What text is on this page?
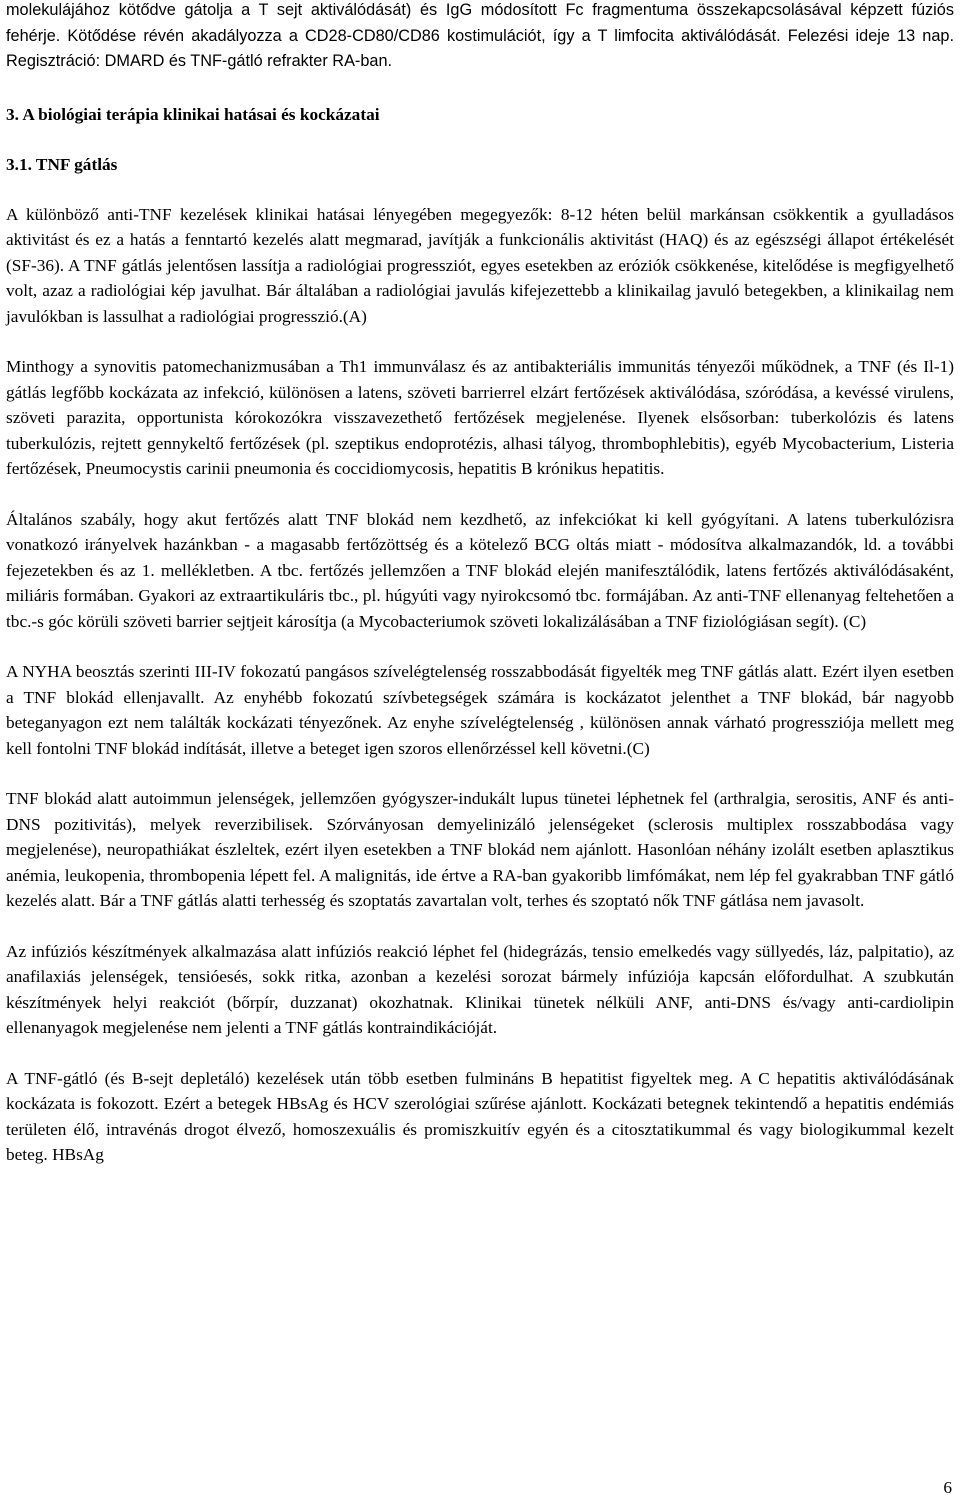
molekulájához kötődve gátolja a T sejt aktiválódását) és IgG módosított Fc fragmentuma összekapcsolásával képzett fúziós fehérje. Kötődése révén akadályozza a CD28-CD80/CD86 kostimulációt, így a T limfocita aktiválódását. Felezési ideje 13 nap. Regisztráció: DMARD és TNF-gátló refrakter RA-ban.

3. A biológiai terápia klinikai hatásai és kockázatai

3.1. TNF gátlás

A különböző anti-TNF kezelések klinikai hatásai lényegében megegyezők: 8-12 héten belül markánsan csökkentik a gyulladásos aktivitást és ez a hatás a fenntartó kezelés alatt megmarad, javítják a funkcionális aktivitást (HAQ) és az egészségi állapot értékelését (SF-36). A TNF gátlás jelentősen lassítja a radiológiai progressziót, egyes esetekben az eróziók csökkenése, kitelődése is megfigyelhető volt, azaz a radiológiai kép javulhat. Bár általában a radiológiai javulás kifejezettebb a klinikailag javuló betegekben, a klinikailag nem javulókban is lassulhat a radiológiai progresszió.(A)

Minthogy a synovitis patomechanizmusában a Th1 immunválasz és az antibakteriális immunitás tényezői működnek, a TNF (és Il-1) gátlás legfőbb kockázata az infekció, különösen a latens, szöveti barrierrel elzárt fertőzések aktiválódása, szóródása, a kevéssé virulens, szöveti parazita, opportunista kórokozókra visszavezethető fertőzések megjelenése. Ilyenek elsősorban: tuberkolózis és latens tuberkulózis, rejtett gennykeltő fertőzések (pl. szeptikus endoprotézis, alhasi tályog, thrombophlebitis), egyéb Mycobacterium, Listeria fertőzések, Pneumocystis carinii pneumonia és coccidiomycosis, hepatitis B krónikus hepatitis.

Általános szabály, hogy akut fertőzés alatt TNF blokád nem kezdhető, az infekciókat ki kell gyógyítani. A latens tuberkulózisra vonatkozó irányelvek hazánkban - a magasabb fertőzöttség és a kötelező BCG oltás miatt - módosítva alkalmazandók, ld. a további fejezetekben és az 1. mellékletben. A tbc. fertőzés jellemzően a TNF blokád elején manifesztálódik, latens fertőzés aktiválódásaként, miliáris formában. Gyakori az extraartikuláris tbc., pl. húgyúti vagy nyirokcsomó tbc. formájában. Az anti-TNF ellenanyag feltehetően a tbc.-s góc körüli szöveti barrier sejtjeit károsítja (a Mycobacteriumok szöveti lokalizálásában a TNF fiziológiásan segít). (C)

A NYHA beosztás szerinti III-IV fokozatú pangásos szívelégtelenség rosszabbodását figyelték meg TNF gátlás alatt. Ezért ilyen esetben a TNF blokád ellenjavallt. Az enyhébb fokozatú szívbetegségek számára is kockázatot jelenthet a TNF blokád, bár nagyobb beteganyagon ezt nem találták kockázati tényezőnek. Az enyhe szívelégtelenség , különösen annak várható progressziója mellett meg kell fontolni TNF blokád indítását, illetve a beteget igen szoros ellenőrzéssel kell követni.(C)

TNF blokád alatt autoimmun jelenségek, jellemzően gyógyszer-indukált lupus tünetei léphetnek fel (arthralgia, serositis, ANF és anti-DNS pozitivitás), melyek reverzibilisek. Szórványosan demyelinizáló jelenségeket (sclerosis multiplex rosszabbodása vagy megjelenése), neuropathiákat észleltek, ezért ilyen esetekben a TNF blokád nem ajánlott. Hasonlóan néhány izolált esetben aplasztikus anémia, leukopenia, thrombopenia lépett fel. A malignitás, ide értve a RA-ban gyakoribb limfómákat, nem lép fel gyakrabban TNF gátló kezelés alatt. Bár a TNF gátlás alatti terhesség és szoptatás zavartalan volt, terhes és szoptató nők TNF gátlása nem javasolt.

Az infúziós készítmények alkalmazása alatt infúziós reakció léphet fel (hidegrázás, tensio emelkedés vagy süllyedés, láz, palpitatio), az anafilaxiás jelenségek, tensióesés, sokk ritka, azonban a kezelési sorozat bármely infúziója kapcsán előfordulhat. A szubkután készítmények helyi reakciót (bőrpír, duzzanat) okozhatnak. Klinikai tünetek nélküli ANF, anti-DNS és/vagy anti-cardiolipin ellenanyagok megjelenése nem jelenti a TNF gátlás kontraindikációját.

A TNF-gátló (és B-sejt depletáló) kezelések után több esetben fulmináns B hepatitist figyeltek meg. A C hepatitis aktiválódásának kockázata is fokozott. Ezért a betegek HBsAg és HCV szerológiai szűrése ajánlott. Kockázati betegnek tekintendő a hepatitis endémiás területen élő, intravénás drogot élvező, homoszexuális és promiszkuitív egyén és a citosztatikummal és vagy biologikummal kezelt beteg. HBsAg

6
